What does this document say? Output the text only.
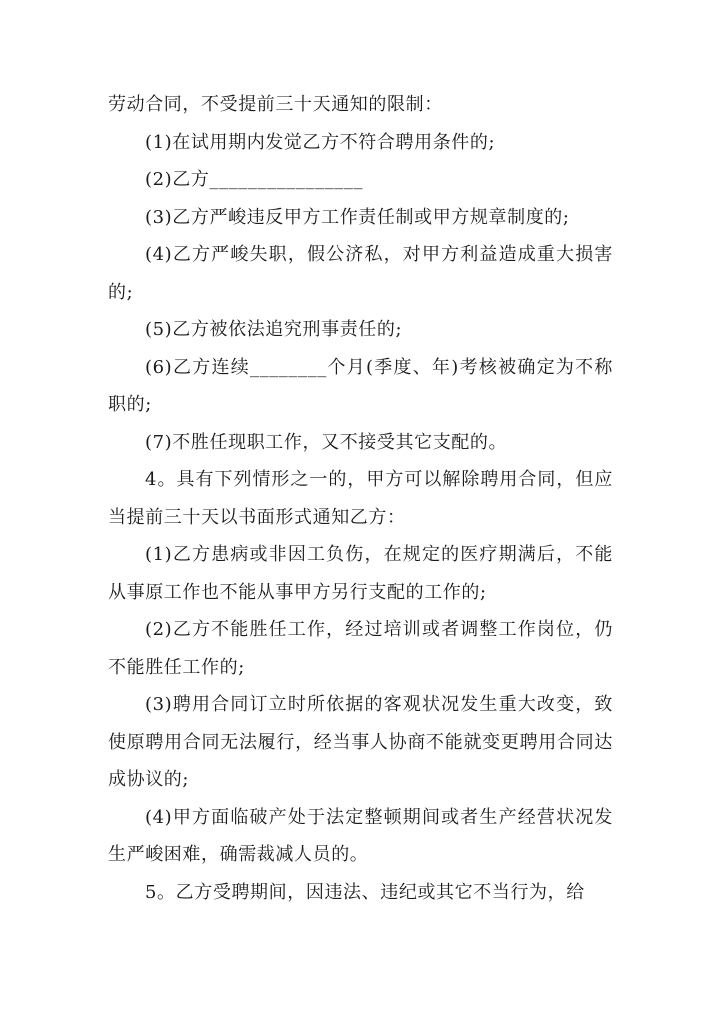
劳动合同，不受提前三十天通知的限制：

(1)在试用期内发觉乙方不符合聘用条件的;

(2)乙方________________

(3)乙方严峻违反甲方工作责任制或甲方规章制度的;

(4)乙方严峻失职，假公济私，对甲方利益造成重大损害的;

(5)乙方被依法追究刑事责任的;

(6)乙方连续________个月(季度、年)考核被确定为不称职的;

(7)不胜任现职工作，又不接受其它支配的。

4。具有下列情形之一的，甲方可以解除聘用合同，但应当提前三十天以书面形式通知乙方：

(1)乙方患病或非因工负伤，在规定的医疗期满后，不能从事原工作也不能从事甲方另行支配的工作的;

(2)乙方不能胜任工作，经过培训或者调整工作岗位，仍不能胜任工作的;

(3)聘用合同订立时所依据的客观状况发生重大改变，致使原聘用合同无法履行，经当事人协商不能就变更聘用合同达成协议的;

(4)甲方面临破产处于法定整顿期间或者生产经营状况发生严峻困难，确需裁减人员的。

5。乙方受聘期间，因违法、违纪或其它不当行为，给
